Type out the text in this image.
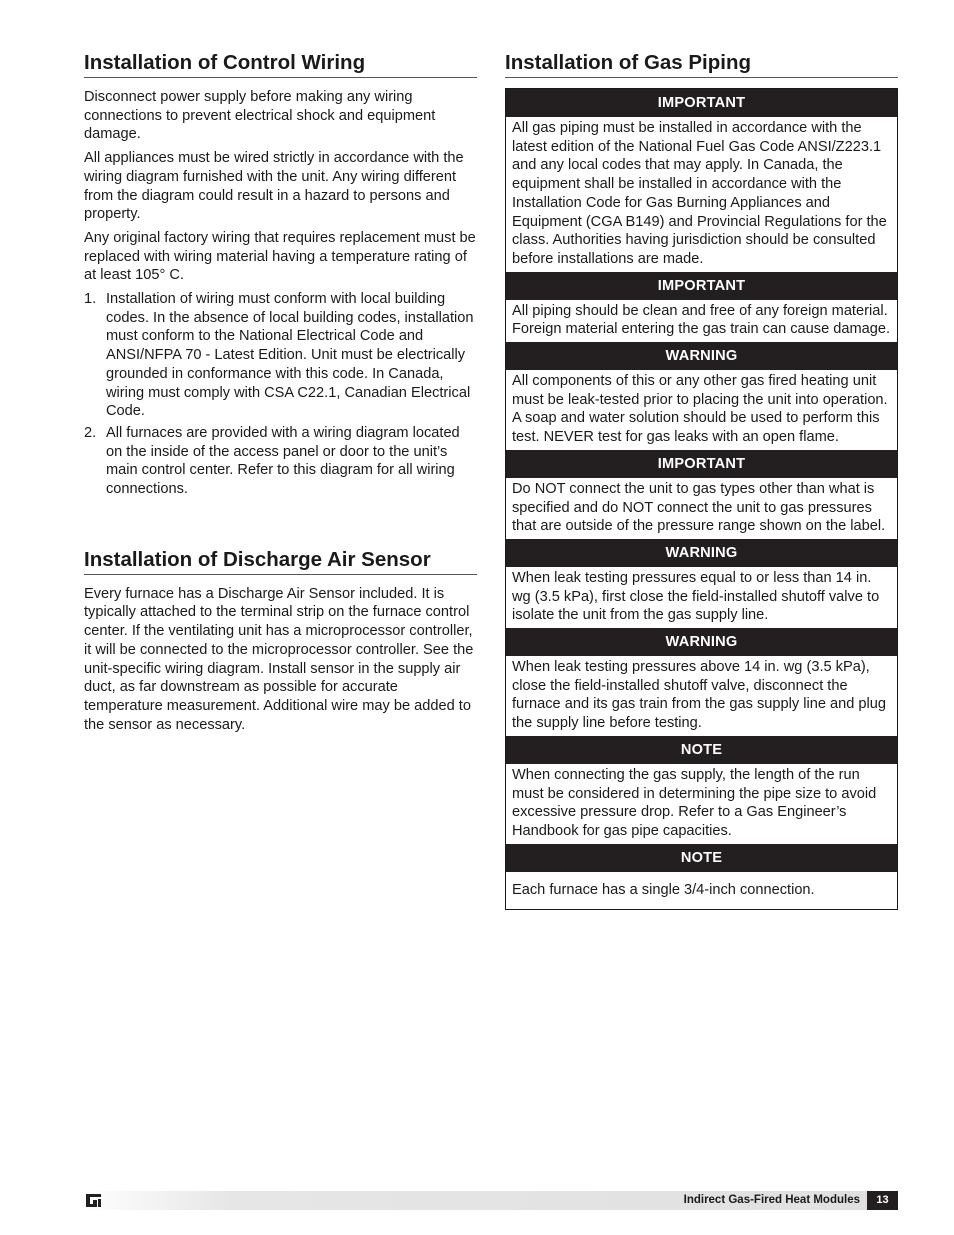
Installation of Control Wiring

Disconnect power supply before making any wiring connections to prevent electrical shock and equipment damage.

All appliances must be wired strictly in accordance with the wiring diagram furnished with the unit. Any wiring different from the diagram could result in a hazard to persons and property.

Any original factory wiring that requires replacement must be replaced with wiring material having a temperature rating of at least 105° C.

1. Installation of wiring must conform with local building codes. In the absence of local building codes, installation must conform to the National Electrical Code and ANSI/NFPA 70 - Latest Edition. Unit must be electrically grounded in conformance with this code. In Canada, wiring must comply with CSA C22.1, Canadian Electrical Code.
2. All furnaces are provided with a wiring diagram located on the inside of the access panel or door to the unit’s main control center. Refer to this diagram for all wiring connections.
Installation of Discharge Air Sensor

Every furnace has a Discharge Air Sensor included. It is typically attached to the terminal strip on the furnace control center. If the ventilating unit has a microprocessor controller, it will be connected to the microprocessor controller. See the unit-specific wiring diagram. Install sensor in the supply air duct, as far downstream as possible for accurate temperature measurement. Additional wire may be added to the sensor as necessary.

Installation of Gas Piping
IMPORTANT
All gas piping must be installed in accordance with the latest edition of the National Fuel Gas Code ANSI/Z223.1 and any local codes that may apply. In Canada, the equipment shall be installed in accordance with the Installation Code for Gas Burning Appliances and Equipment (CGA B149) and Provincial Regulations for the class. Authorities having jurisdiction should be consulted before installations are made.
IMPORTANT
All piping should be clean and free of any foreign material. Foreign material entering the gas train can cause damage.
WARNING
All components of this or any other gas fired heating unit must be leak-tested prior to placing the unit into operation. A soap and water solution should be used to perform this test. NEVER test for gas leaks with an open flame.
IMPORTANT
Do NOT connect the unit to gas types other than what is specified and do NOT connect the unit to gas pressures that are outside of the pressure range shown on the label.
WARNING
When leak testing pressures equal to or less than 14 in. wg (3.5 kPa), first close the field-installed shutoff valve to isolate the unit from the gas supply line.
WARNING
When leak testing pressures above 14 in. wg (3.5 kPa), close the field-installed shutoff valve, disconnect the furnace and its gas train from the gas supply line and plug the supply line before testing.
NOTE
When connecting the gas supply, the length of the run must be considered in determining the pipe size to avoid excessive pressure drop. Refer to a Gas Engineer’s Handbook for gas pipe capacities.
NOTE
Each furnace has a single 3/4-inch connection.
Indirect Gas-Fired Heat Modules	13
